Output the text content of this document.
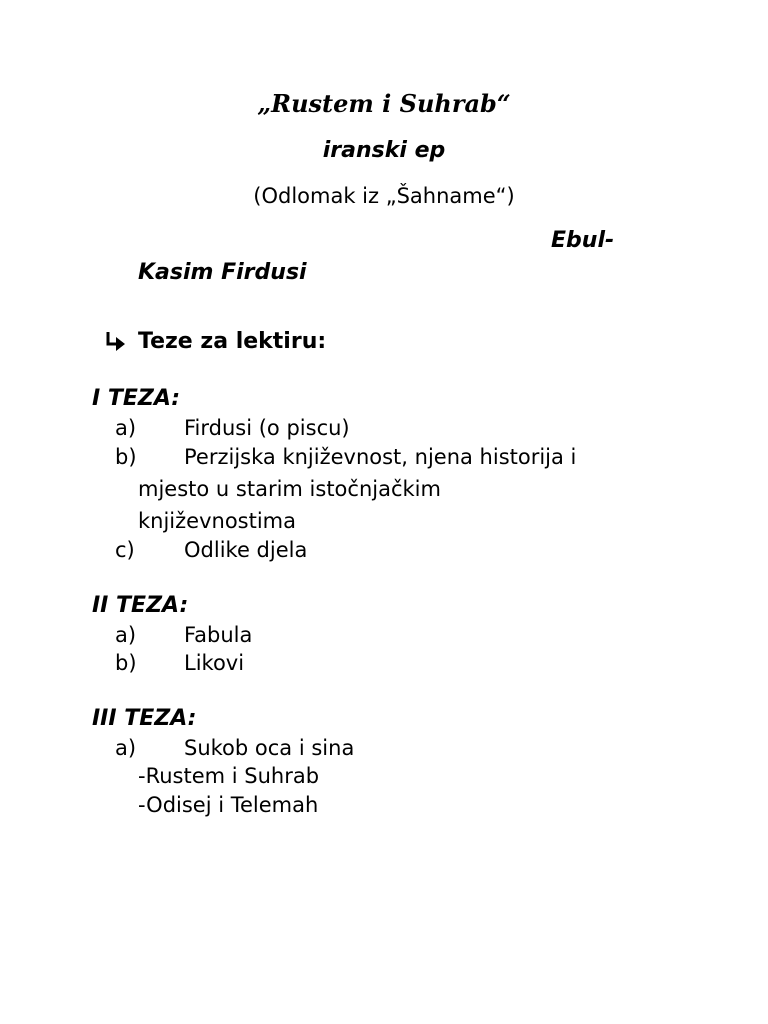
„Rustem i Suhrab“
iranski ep
(Odlomak iz „Šahname“)
Ebul-
Kasim Firdusi
Teze za lektiru:
I TEZA:
a) Firdusi (o piscu)
b) Perzijska književnost, njena historija i
mjesto u starim istočnjačkim
književnostima
c) Odlike djela
II TEZA:
a) Fabula
b) Likovi
III TEZA:
a) Sukob oca i sina
-Rustem i Suhrab
-Odisej i Telemah
